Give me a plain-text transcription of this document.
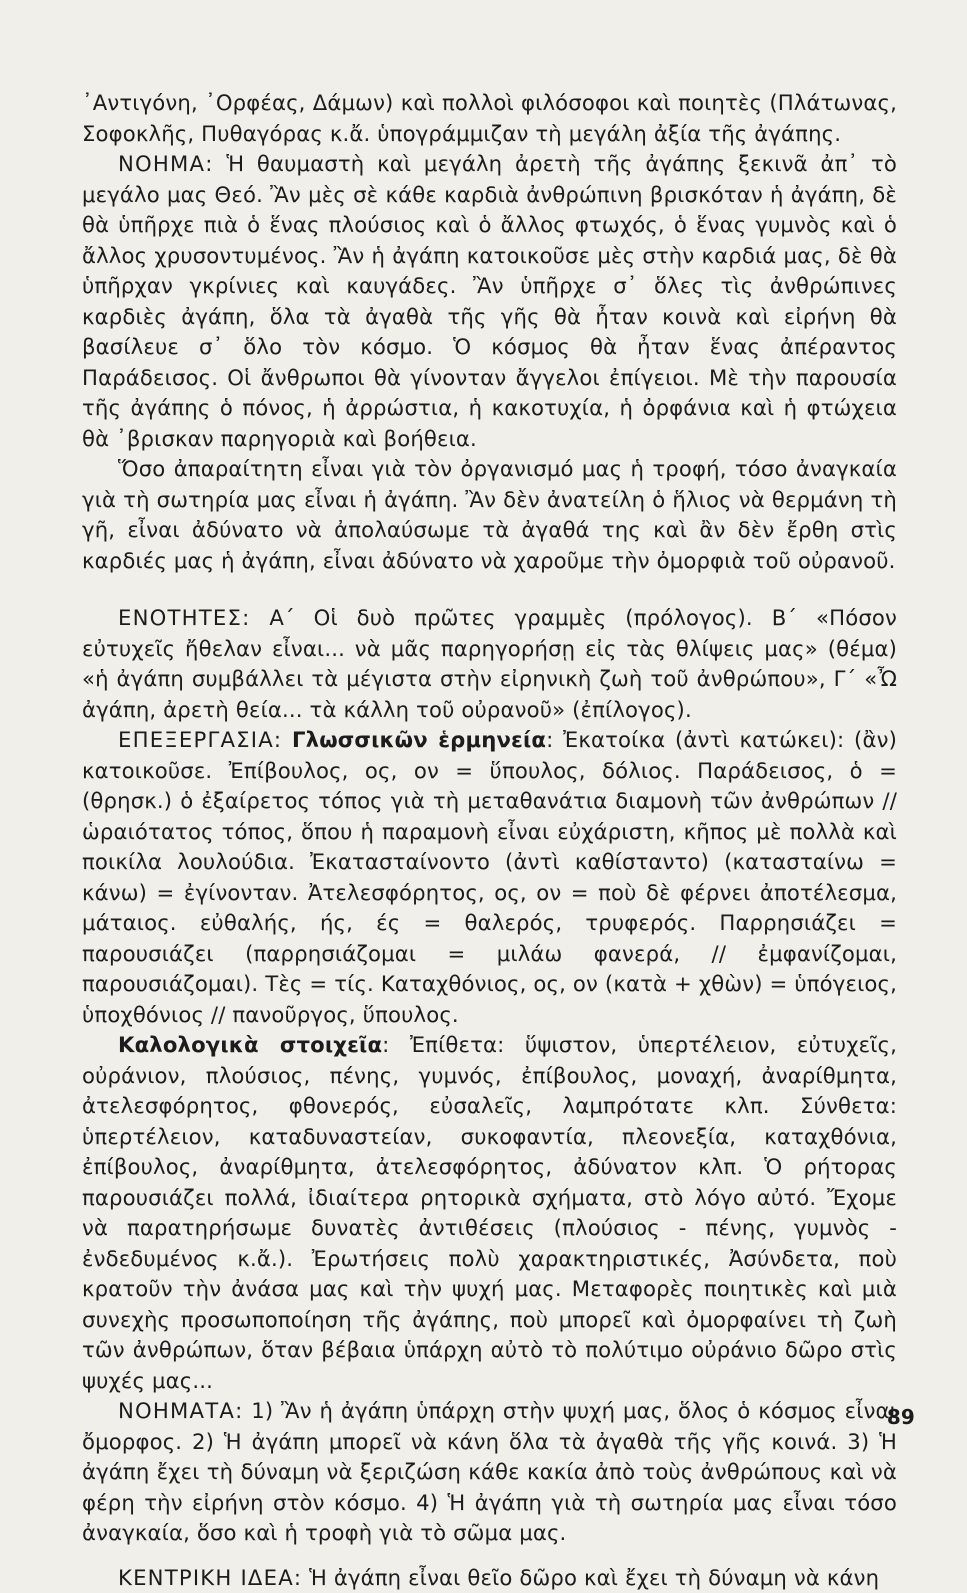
᾿Αντιγόνη, ᾿Ορφέας, Δάμων) καὶ πολλοὶ φιλόσοφοι καὶ ποιητὲς (Πλάτωνας, Σοφοκλῆς, Πυθαγόρας κ.ἄ. ὑπογράμμιζαν τὴ μεγάλη ἀξία τῆς ἀγάπης.

ΝΟΗΜΑ: Ἡ θαυμαστὴ καὶ μεγάλη ἀρετὴ τῆς ἀγάπης ξεκινᾶ ἀπ᾿ τὸ μεγάλο μας Θεό. Ἂν μὲς σὲ κάθε καρδιὰ ἀνθρώπινη βρισκόταν ἡ ἀγάπη, δὲ θὰ ὑπῆρχε πιὰ ὁ ἕνας πλούσιος καὶ ὁ ἄλλος φτωχός, ὁ ἕνας γυμνὸς καὶ ὁ ἄλλος χρυσοντυμένος. Ἂν ἡ ἀγάπη κατοικοῦσε μὲς στὴν καρδιά μας, δὲ θὰ ὑπῆρχαν γκρίνιες καὶ καυγάδες. Ἂν ὑπῆρχε σ᾿ ὅλες τὶς ἀνθρώπινες καρδιὲς ἀγάπη, ὅλα τὰ ἀγαθὰ τῆς γῆς θὰ ἦταν κοινὰ καὶ εἰρήνη θὰ βασίλευε σ᾿ ὅλο τὸν κόσμο. Ὁ κόσμος θὰ ἦταν ἕνας ἀπέραντος Παράδεισος. Οἱ ἄνθρωποι θὰ γίνονταν ἄγγελοι ἐπίγειοι. Μὲ τὴν παρουσία τῆς ἀγάπης ὁ πόνος, ἡ ἀρρώστια, ἡ κακοτυχία, ἡ ὀρφάνια καὶ ἡ φτώχεια θὰ ᾿βρισκαν παρηγοριὰ καὶ βοήθεια.

Ὅσο ἀπαραίτητη εἶναι γιὰ τὸν ὀργανισμό μας ἡ τροφή, τόσο ἀναγκαία γιὰ τὴ σωτηρία μας εἶναι ἡ ἀγάπη. Ἂν δὲν ἀνατείλη ὁ ἥλιος νὰ θερμάνη τὴ γῆ, εἶναι ἀδύνατο νὰ ἀπολαύσωμε τὰ ἀγαθά της καὶ ἂν δὲν ἔρθη στὶς καρδιές μας ἡ ἀγάπη, εἶναι ἀδύνατο νὰ χαροῦμε τὴν ὀμορφιὰ τοῦ οὐρανοῦ.

ΕΝΟΤΗΤΕΣ: Α΄ Οἱ δυὸ πρῶτες γραμμὲς (πρόλογος). Β΄ «Πόσον εὐτυχεῖς ἤθελαν εἶναι... νὰ μᾶς παρηγορήσῃ εἰς τὰς θλίψεις μας» (θέμα) «ἡ ἀγάπη συμβάλλει τὰ μέγιστα στὴν εἰρηνικὴ ζωὴ τοῦ ἀνθρώπου», Γ΄ «Ὦ ἀγάπη, ἀρετὴ θεία... τὰ κάλλη τοῦ οὐρανοῦ» (ἐπίλογος).

ΕΠΕΞΕΡΓΑΣΙΑ: Γλωσσικῶν ἑρμηνεία: Ἐκατοίκα (ἀντὶ κατώκει): (ἂν) κατοικοῦσε. Ἐπίβουλος, ος, ον = ὕπουλος, δόλιος. Παράδεισος, ὁ = (θρησκ.) ὁ ἐξαίρετος τόπος γιὰ τὴ μεταθανάτια διαμονὴ τῶν ἀνθρώπων // ὡραιότατος τόπος, ὅπου ἡ παραμονὴ εἶναι εὐχάριστη, κῆπος μὲ πολλὰ καὶ ποικίλα λουλούδια. Ἐκατασταίνοντο (ἀντὶ καθίσταντο) (κατασταίνω = κάνω) = ἐγίνονταν. Ἀτελεσφόρητος, ος, ον = ποὺ δὲ φέρνει ἀποτέλεσμα, μάταιος. εὐθαλής, ής, ές = θαλερός, τρυφερός. Παρρησιάζει = παρουσιάζει (παρρησιάζομαι = μιλάω φανερά, // ἐμφανίζομαι, παρουσιάζομαι). Τὲς = τίς. Καταχθόνιος, ος, ον (κατὰ + χθὼν) = ὑπόγειος, ὑποχθόνιος // πανοῦργος, ὕπουλος.

Καλολογικὰ στοιχεῖα: Ἐπίθετα: ὕψιστον, ὑπερτέλειον, εὐτυχεῖς, οὐράνιον, πλούσιος, πένης, γυμνός, ἐπίβουλος, μοναχή, ἀναρίθμητα, ἀτελεσφόρητος, φθονερός, εὐσαλεῖς, λαμπρότατε κλπ. Σύνθετα: ὑπερτέλειον, καταδυναστείαν, συκοφαντία, πλεονεξία, καταχθόνια, ἐπίβουλος, ἀναρίθμητα, ἀτελεσφόρητος, ἀδύνατον κλπ. Ὁ ρήτορας παρουσιάζει πολλά, ἰδιαίτερα ρητορικὰ σχήματα, στὸ λόγο αὐτό. Ἔχομε νὰ παρατηρήσωμε δυνατὲς ἀντιθέσεις (πλούσιος - πένης, γυμνὸς - ἐνδεδυμένος κ.ἄ.). Ἐρωτήσεις πολὺ χαρακτηριστικές, Ἀσύνδετα, ποὺ κρατοῦν τὴν ἀνάσα μας καὶ τὴν ψυχή μας. Μεταφορὲς ποιητικὲς καὶ μιὰ συνεχὴς προσωποποίηση τῆς ἀγάπης, ποὺ μπορεῖ καὶ ὀμορφαίνει τὴ ζωὴ τῶν ἀνθρώπων, ὅταν βέβαια ὑπάρχη αὐτὸ τὸ πολύτιμο οὐράνιο δῶρο στὶς ψυχές μας...

ΝΟΗΜΑΤΑ: 1) Ἂν ἡ ἀγάπη ὑπάρχη στὴν ψυχή μας, ὅλος ὁ κόσμος εἶναι ὄμορφος. 2) Ἡ ἀγάπη μπορεῖ νὰ κάνη ὅλα τὰ ἀγαθὰ τῆς γῆς κοινά. 3) Ἡ ἀγάπη ἔχει τὴ δύναμη νὰ ξεριζώση κάθε κακία ἀπὸ τοὺς ἀνθρώπους καὶ νὰ φέρη τὴν εἰρήνη στὸν κόσμο. 4) Ἡ ἀγάπη γιὰ τὴ σωτηρία μας εἶναι τόσο ἀναγκαία, ὅσο καὶ ἡ τροφὴ γιὰ τὸ σῶμα μας.

ΚΕΝΤΡΙΚΗ ΙΔΕΑ: Ἡ ἀγάπη εἶναι θεῖο δῶρο καὶ ἔχει τὴ δύναμη νὰ κάνη

89
